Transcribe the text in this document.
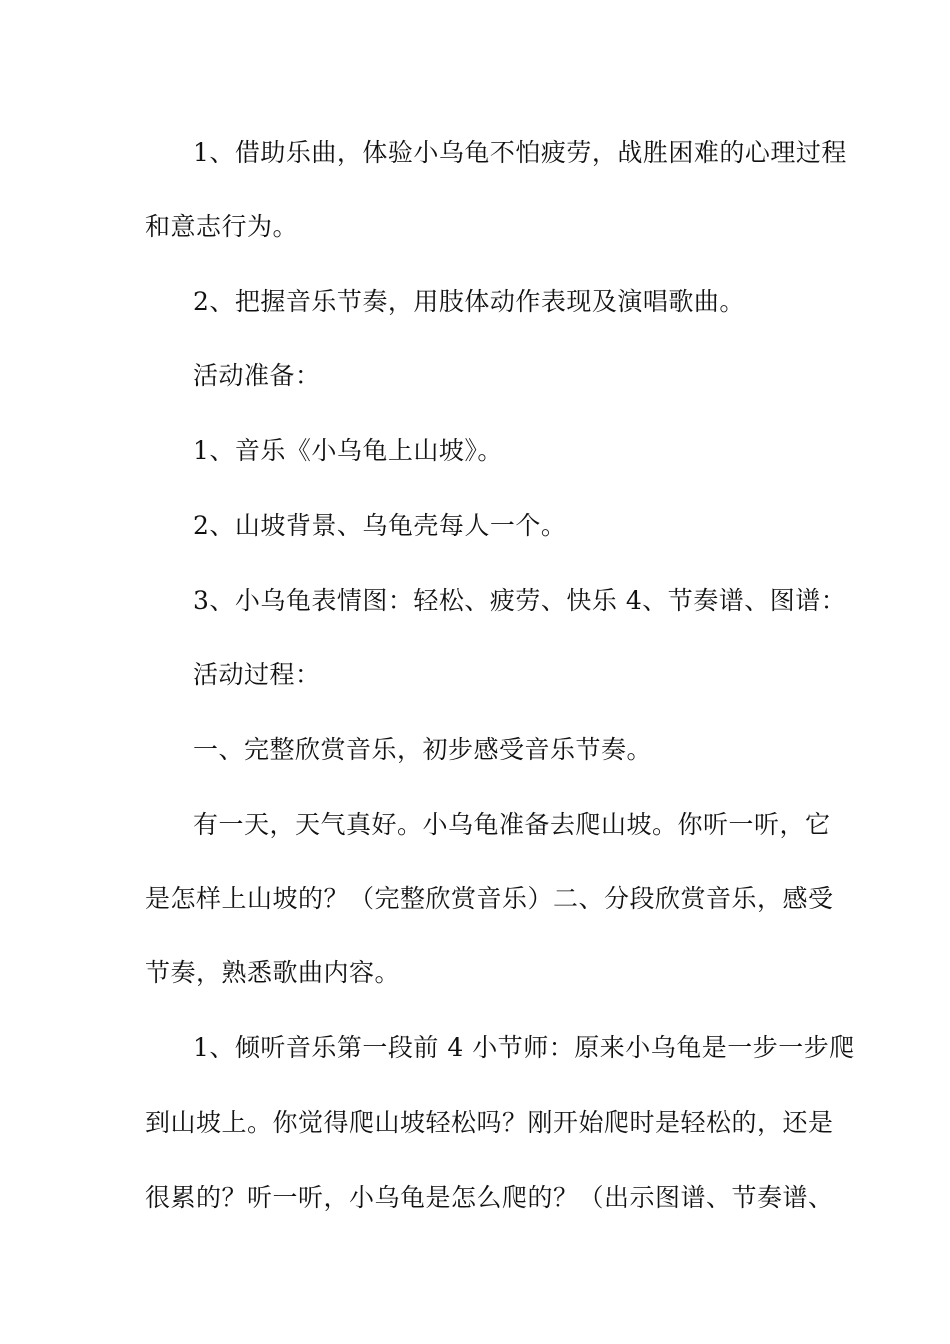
1、借助乐曲，体验小乌龟不怕疲劳，战胜困难的心理过程
和意志行为。
2、把握音乐节奏，用肢体动作表现及演唱歌曲。
活动准备：
1、音乐《小乌龟上山坡》。
2、山坡背景、乌龟壳每人一个。
3、小乌龟表情图：轻松、疲劳、快乐 4、节奏谱、图谱：
活动过程：
一、完整欣赏音乐，初步感受音乐节奏。
有一天，天气真好。小乌龟准备去爬山坡。你听一听，它
是怎样上山坡的？（完整欣赏音乐）二、分段欣赏音乐，感受
节奏，熟悉歌曲内容。
1、倾听音乐第一段前 4 小节师：原来小乌龟是一步一步爬
到山坡上。你觉得爬山坡轻松吗？刚开始爬时是轻松的，还是
很累的？听一听，小乌龟是怎么爬的？（出示图谱、节奏谱、
